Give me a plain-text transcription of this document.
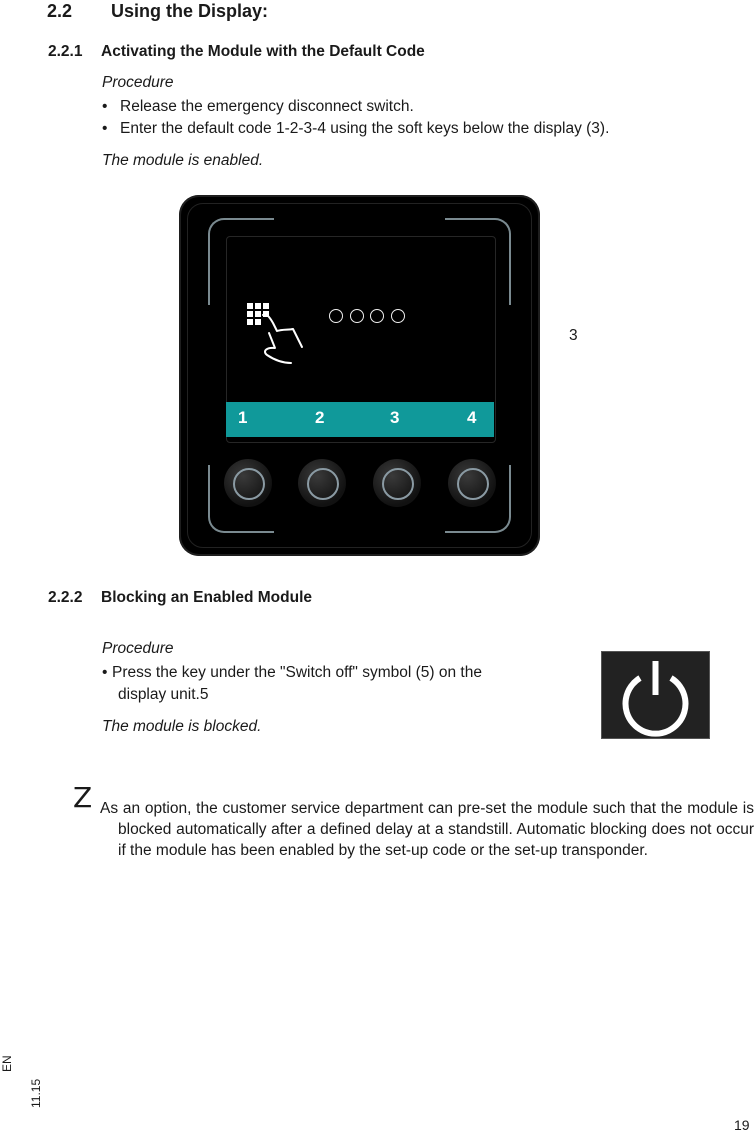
2.2 Using the Display:
2.2.1 Activating the Module with the Default Code
Procedure
• Release the emergency disconnect switch.
• Enter the default code 1-2-3-4 using the soft keys below the display (3).
The module is enabled.
1	2	3	4
3
2.2.2 Blocking an Enabled Module
Procedure
• Press the key under the "Switch off" symbol (5) on the
display unit.5
The module is blocked.
Z As an option, the customer service department can pre-set the module such that the module is blocked automatically after a defined delay at a standstill. Automatic blocking does not occur if the module has been enabled by the set-up code or the set-up transponder.
EN
11.15
19
